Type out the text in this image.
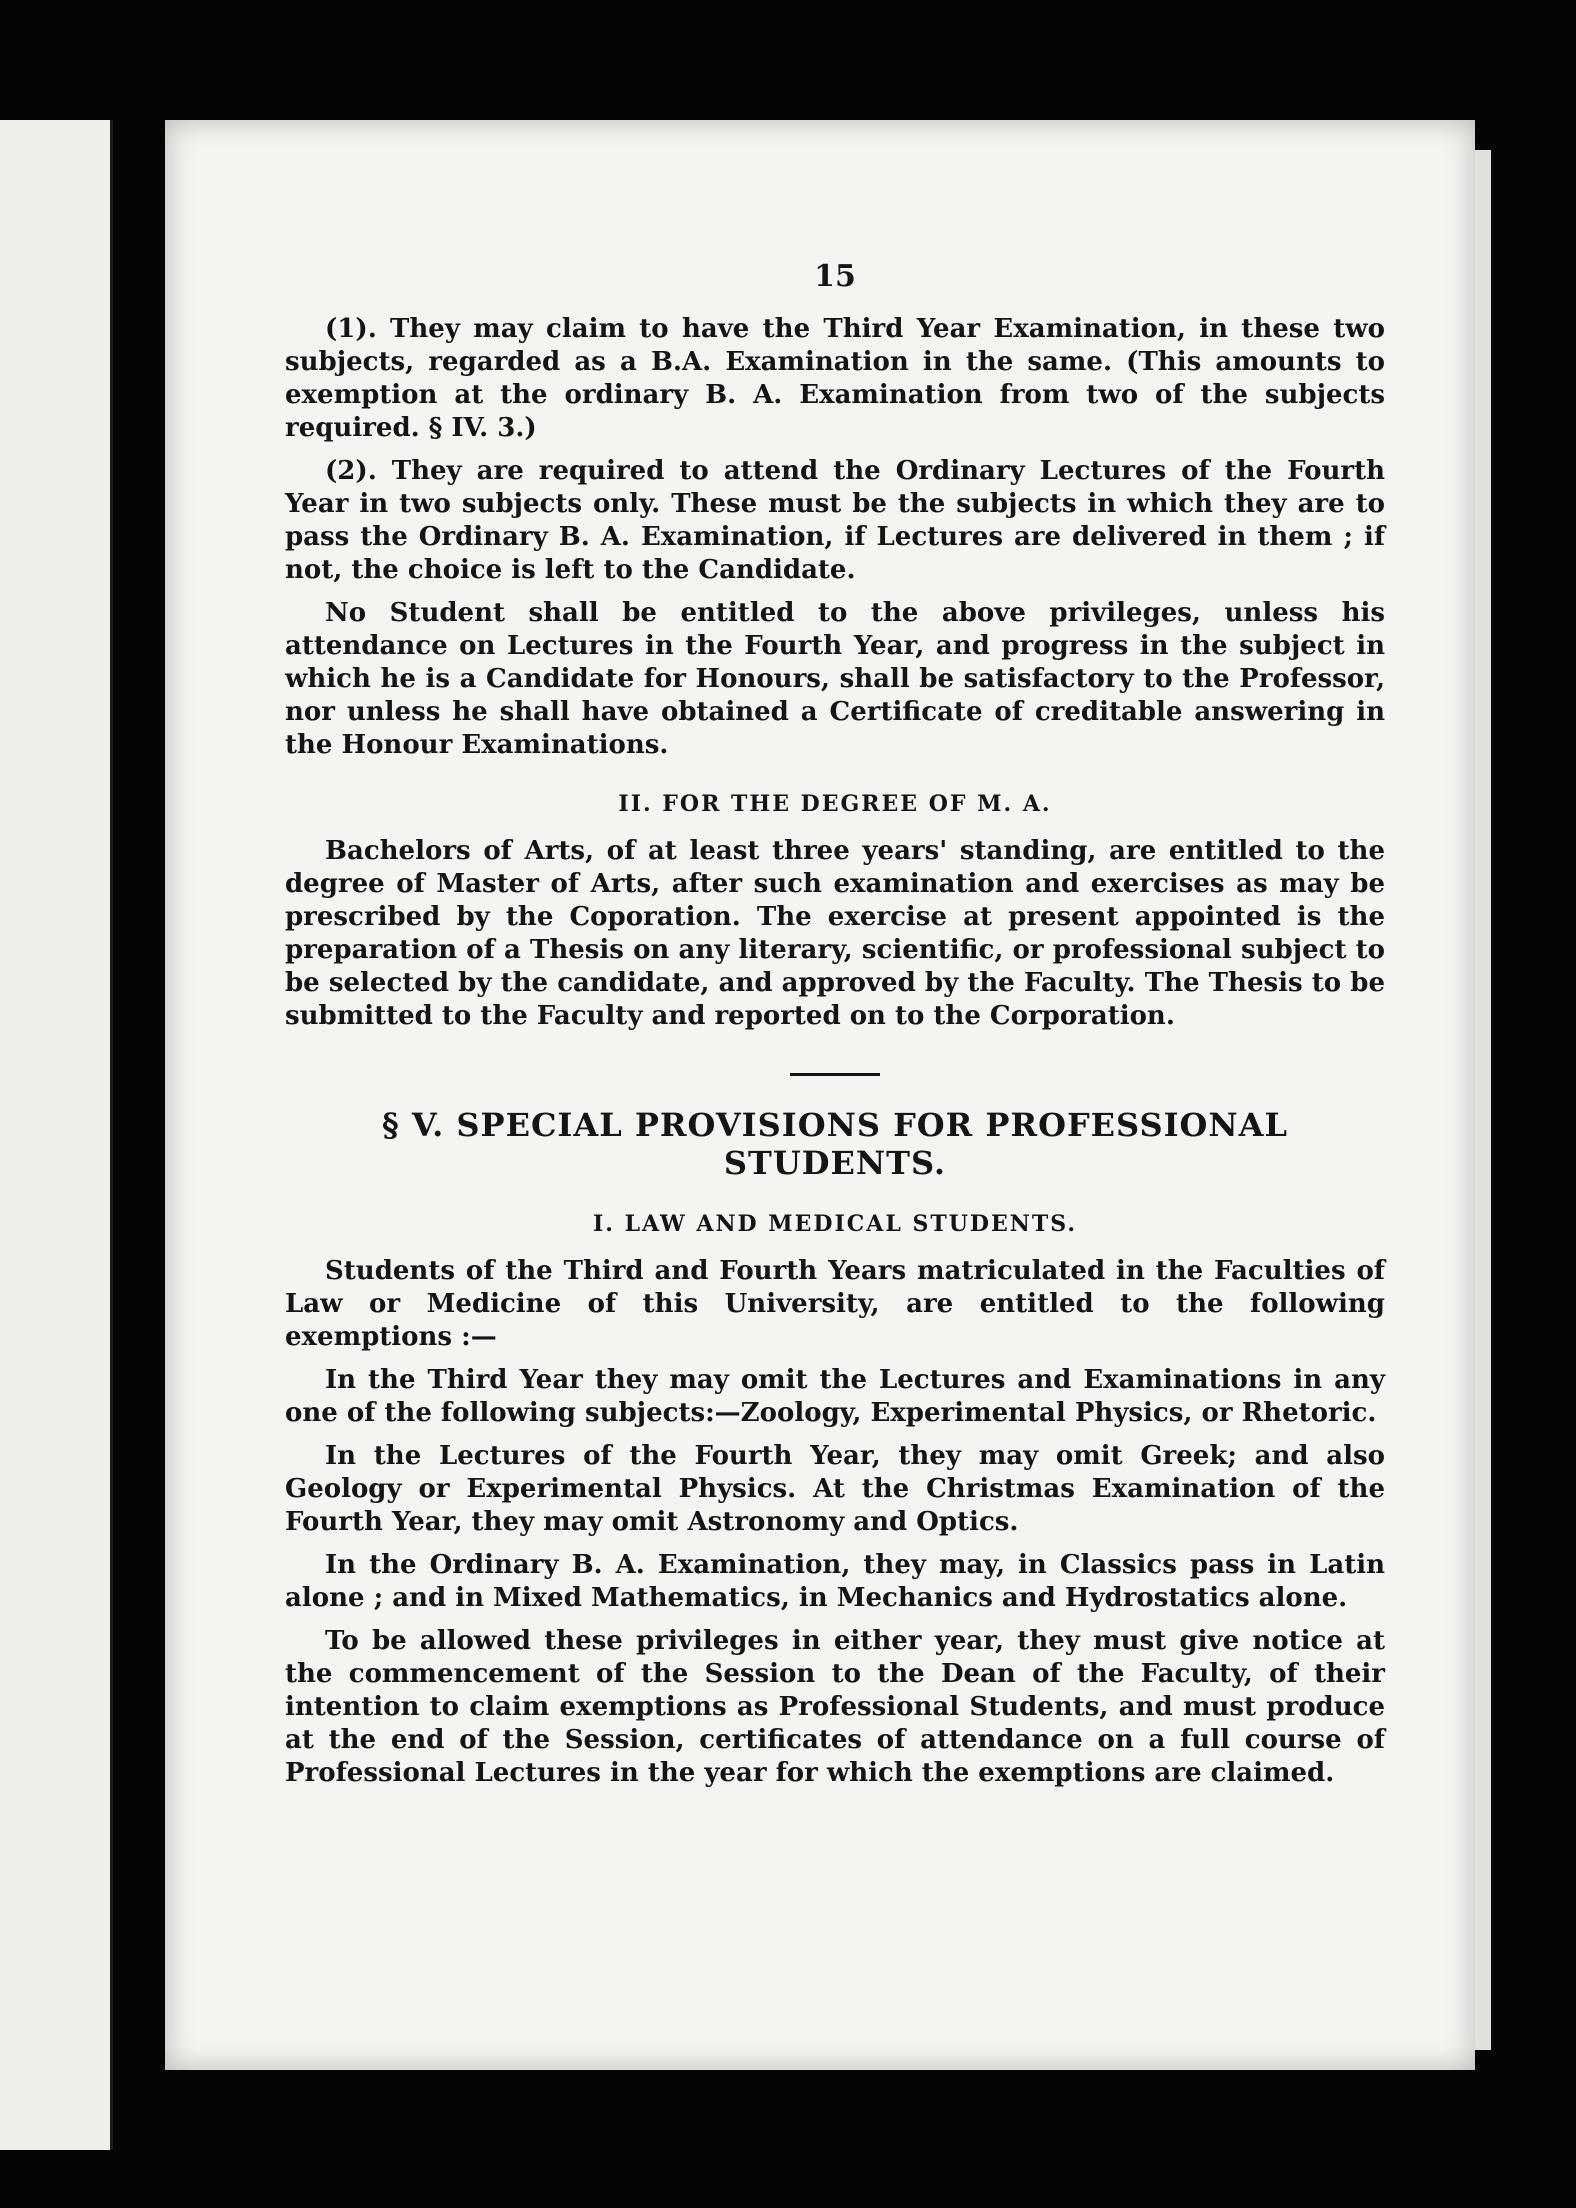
15

(1). They may claim to have the Third Year Examination, in these two subjects, regarded as a B.A. Examination in the same. (This amounts to exemption at the ordinary B. A. Examination from two of the subjects required. § IV. 3.)

(2). They are required to attend the Ordinary Lectures of the Fourth Year in two subjects only. These must be the subjects in which they are to pass the Ordinary B. A. Examination, if Lectures are delivered in them ; if not, the choice is left to the Candidate.

No Student shall be entitled to the above privileges, unless his attendance on Lectures in the Fourth Year, and progress in the subject in which he is a Candidate for Honours, shall be satisfactory to the Professor, nor unless he shall have obtained a Certificate of creditable answering in the Honour Examinations.

II. FOR THE DEGREE OF M. A.

Bachelors of Arts, of at least three years' standing, are entitled to the degree of Master of Arts, after such examination and exercises as may be prescribed by the Coporation. The exercise at present appointed is the preparation of a Thesis on any literary, scientific, or professional subject to be selected by the candidate, and approved by the Faculty. The Thesis to be submitted to the Faculty and reported on to the Corporation.

§ V. SPECIAL PROVISIONS FOR PROFESSIONAL
STUDENTS.
I. LAW AND MEDICAL STUDENTS.

Students of the Third and Fourth Years matriculated in the Faculties of Law or Medicine of this University, are entitled to the following exemptions :—

In the Third Year they may omit the Lectures and Examinations in any one of the following subjects:—Zoology, Experimental Physics, or Rhetoric.

In the Lectures of the Fourth Year, they may omit Greek; and also Geology or Experimental Physics. At the Christmas Examination of the Fourth Year, they may omit Astronomy and Optics.

In the Ordinary B. A. Examination, they may, in Classics pass in Latin alone ; and in Mixed Mathematics, in Mechanics and Hydrostatics alone.

To be allowed these privileges in either year, they must give notice at the commencement of the Session to the Dean of the Faculty, of their intention to claim exemptions as Professional Students, and must produce at the end of the Session, certificates of attendance on a full course of Professional Lectures in the year for which the exemptions are claimed.
